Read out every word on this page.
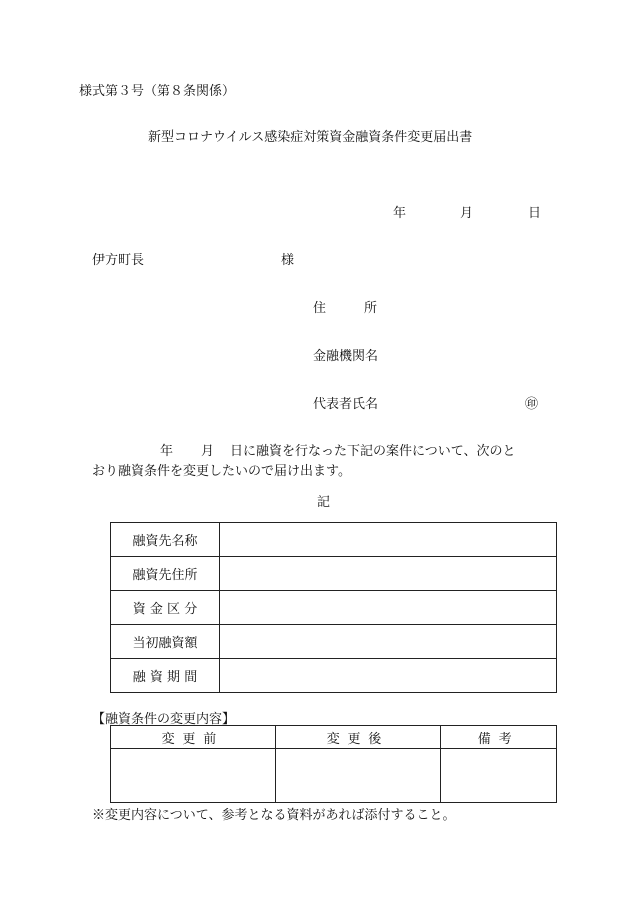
様式第３号（第８条関係）
新型コロナウイルス感染症対策資金融資条件変更届出書
年	月	日
伊方町長	様
住	所
金融機関名
代表者氏名	㊞
年 月 日に融資を行なった下記の案件について、次のと
おり融資条件を変更したいので届け出ます。
記
融資先名称	
融資先住所	
資 金 区 分	
当初融資額	
融 資 期 間	
【融資条件の変更内容】
変更前	変更後	備考

※変更内容について、参考となる資料があれば添付すること。
